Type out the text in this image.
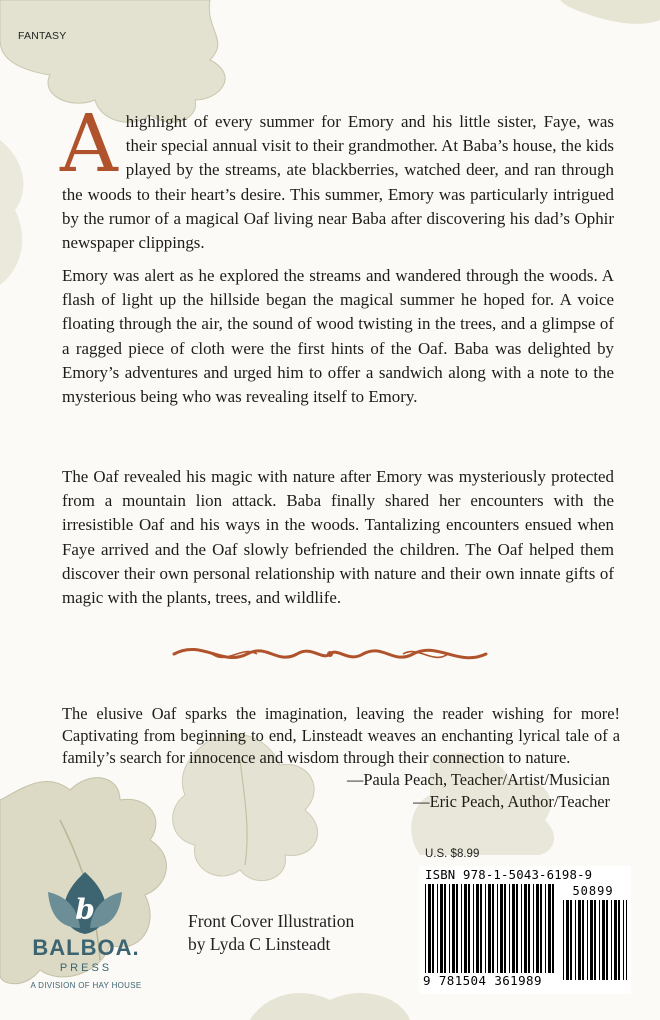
FANTASY

Ahighlight of every summer for Emory and his little sister, Faye, was their special annual visit to their grandmother. At Baba’s house, the kids played by the streams, ate blackberries, watched deer, and ran through the woods to their heart’s desire. This summer, Emory was particularly intrigued by the rumor of a magical Oaf living near Baba after discovering his dad’s Ophir newspaper clippings.

Emory was alert as he explored the streams and wandered through the woods. A flash of light up the hillside began the magical summer he hoped for. A voice floating through the air, the sound of wood twisting in the trees, and a glimpse of a ragged piece of cloth were the first hints of the Oaf. Baba was delighted by Emory’s adventures and urged him to offer a sandwich along with a note to the mysterious being who was revealing itself to Emory.

The Oaf revealed his magic with nature after Emory was mysteriously protected from a mountain lion attack. Baba finally shared her encounters with the irresistible Oaf and his ways in the woods. Tantalizing encounters ensued when Faye arrived and the Oaf slowly befriended the children. The Oaf helped them discover their own personal relationship with nature and their own innate gifts of magic with the plants, trees, and wildlife.

The elusive Oaf sparks the imagination, leaving the reader wishing for more! Captivating from beginning to end, Linsteadt weaves an enchanting lyrical tale of a family’s search for innocence and wisdom through their connection to nature.

—Paula Peach, Teacher/Artist/Musician
—Eric Peach, Author/Teacher
b
BALBOA.
PRESS
A DIVISION OF HAY HOUSE
Front Cover Illustration
by Lyda C Linsteadt
U.S. $8.99
ISBN 978-1-5043-6198-9
50899
9 781504 361989
